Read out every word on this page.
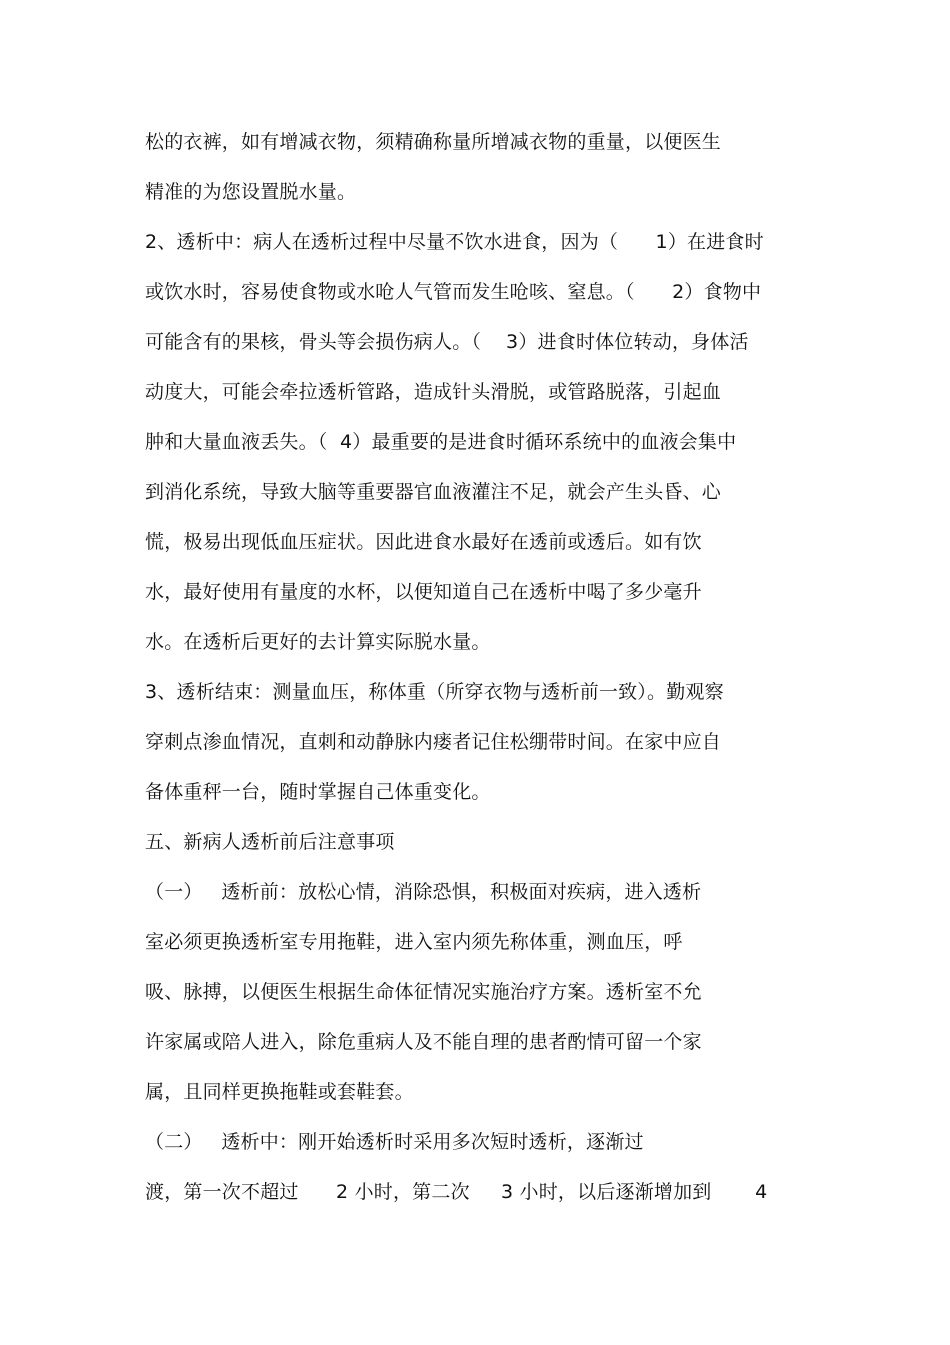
松的衣裤，如有增减衣物，须精确称量所增减衣物的重量，以便医生
精准的为您设置脱水量。
2、透析中：病人在透析过程中尽量不饮水进食，因为（      1）在进食时
或饮水时，容易使食物或水呛人气管而发生呛咳、窒息。（      2）食物中
可能含有的果核，骨头等会损伤病人。（    3）进食时体位转动，身体活
动度大，可能会牵拉透析管路，造成针头滑脱，或管路脱落，引起血
肿和大量血液丢失。（  4）最重要的是进食时循环系统中的血液会集中
到消化系统，导致大脑等重要器官血液灌注不足，就会产生头昏、心
慌，极易出现低血压症状。因此进食水最好在透前或透后。如有饮
水，最好使用有量度的水杯，以便知道自己在透析中喝了多少毫升
水。在透析后更好的去计算实际脱水量。
3、透析结束：测量血压，称体重（所穿衣物与透析前一致）。勤观察
穿刺点渗血情况，直刺和动静脉内瘘者记住松绷带时间。在家中应自
备体重秤一台，随时掌握自己体重变化。
五、新病人透析前后注意事项
（一）   透析前：放松心情，消除恐惧，积极面对疾病，进入透析
室必须更换透析室专用拖鞋，进入室内须先称体重，测血压，呼
吸、脉搏，以便医生根据生命体征情况实施治疗方案。透析室不允
许家属或陪人进入，除危重病人及不能自理的患者酌情可留一个家
属，且同样更换拖鞋或套鞋套。
（二）   透析中：刚开始透析时采用多次短时透析，逐渐过
渡，第一次不超过      2 小时，第二次     3 小时，以后逐渐增加到       4
